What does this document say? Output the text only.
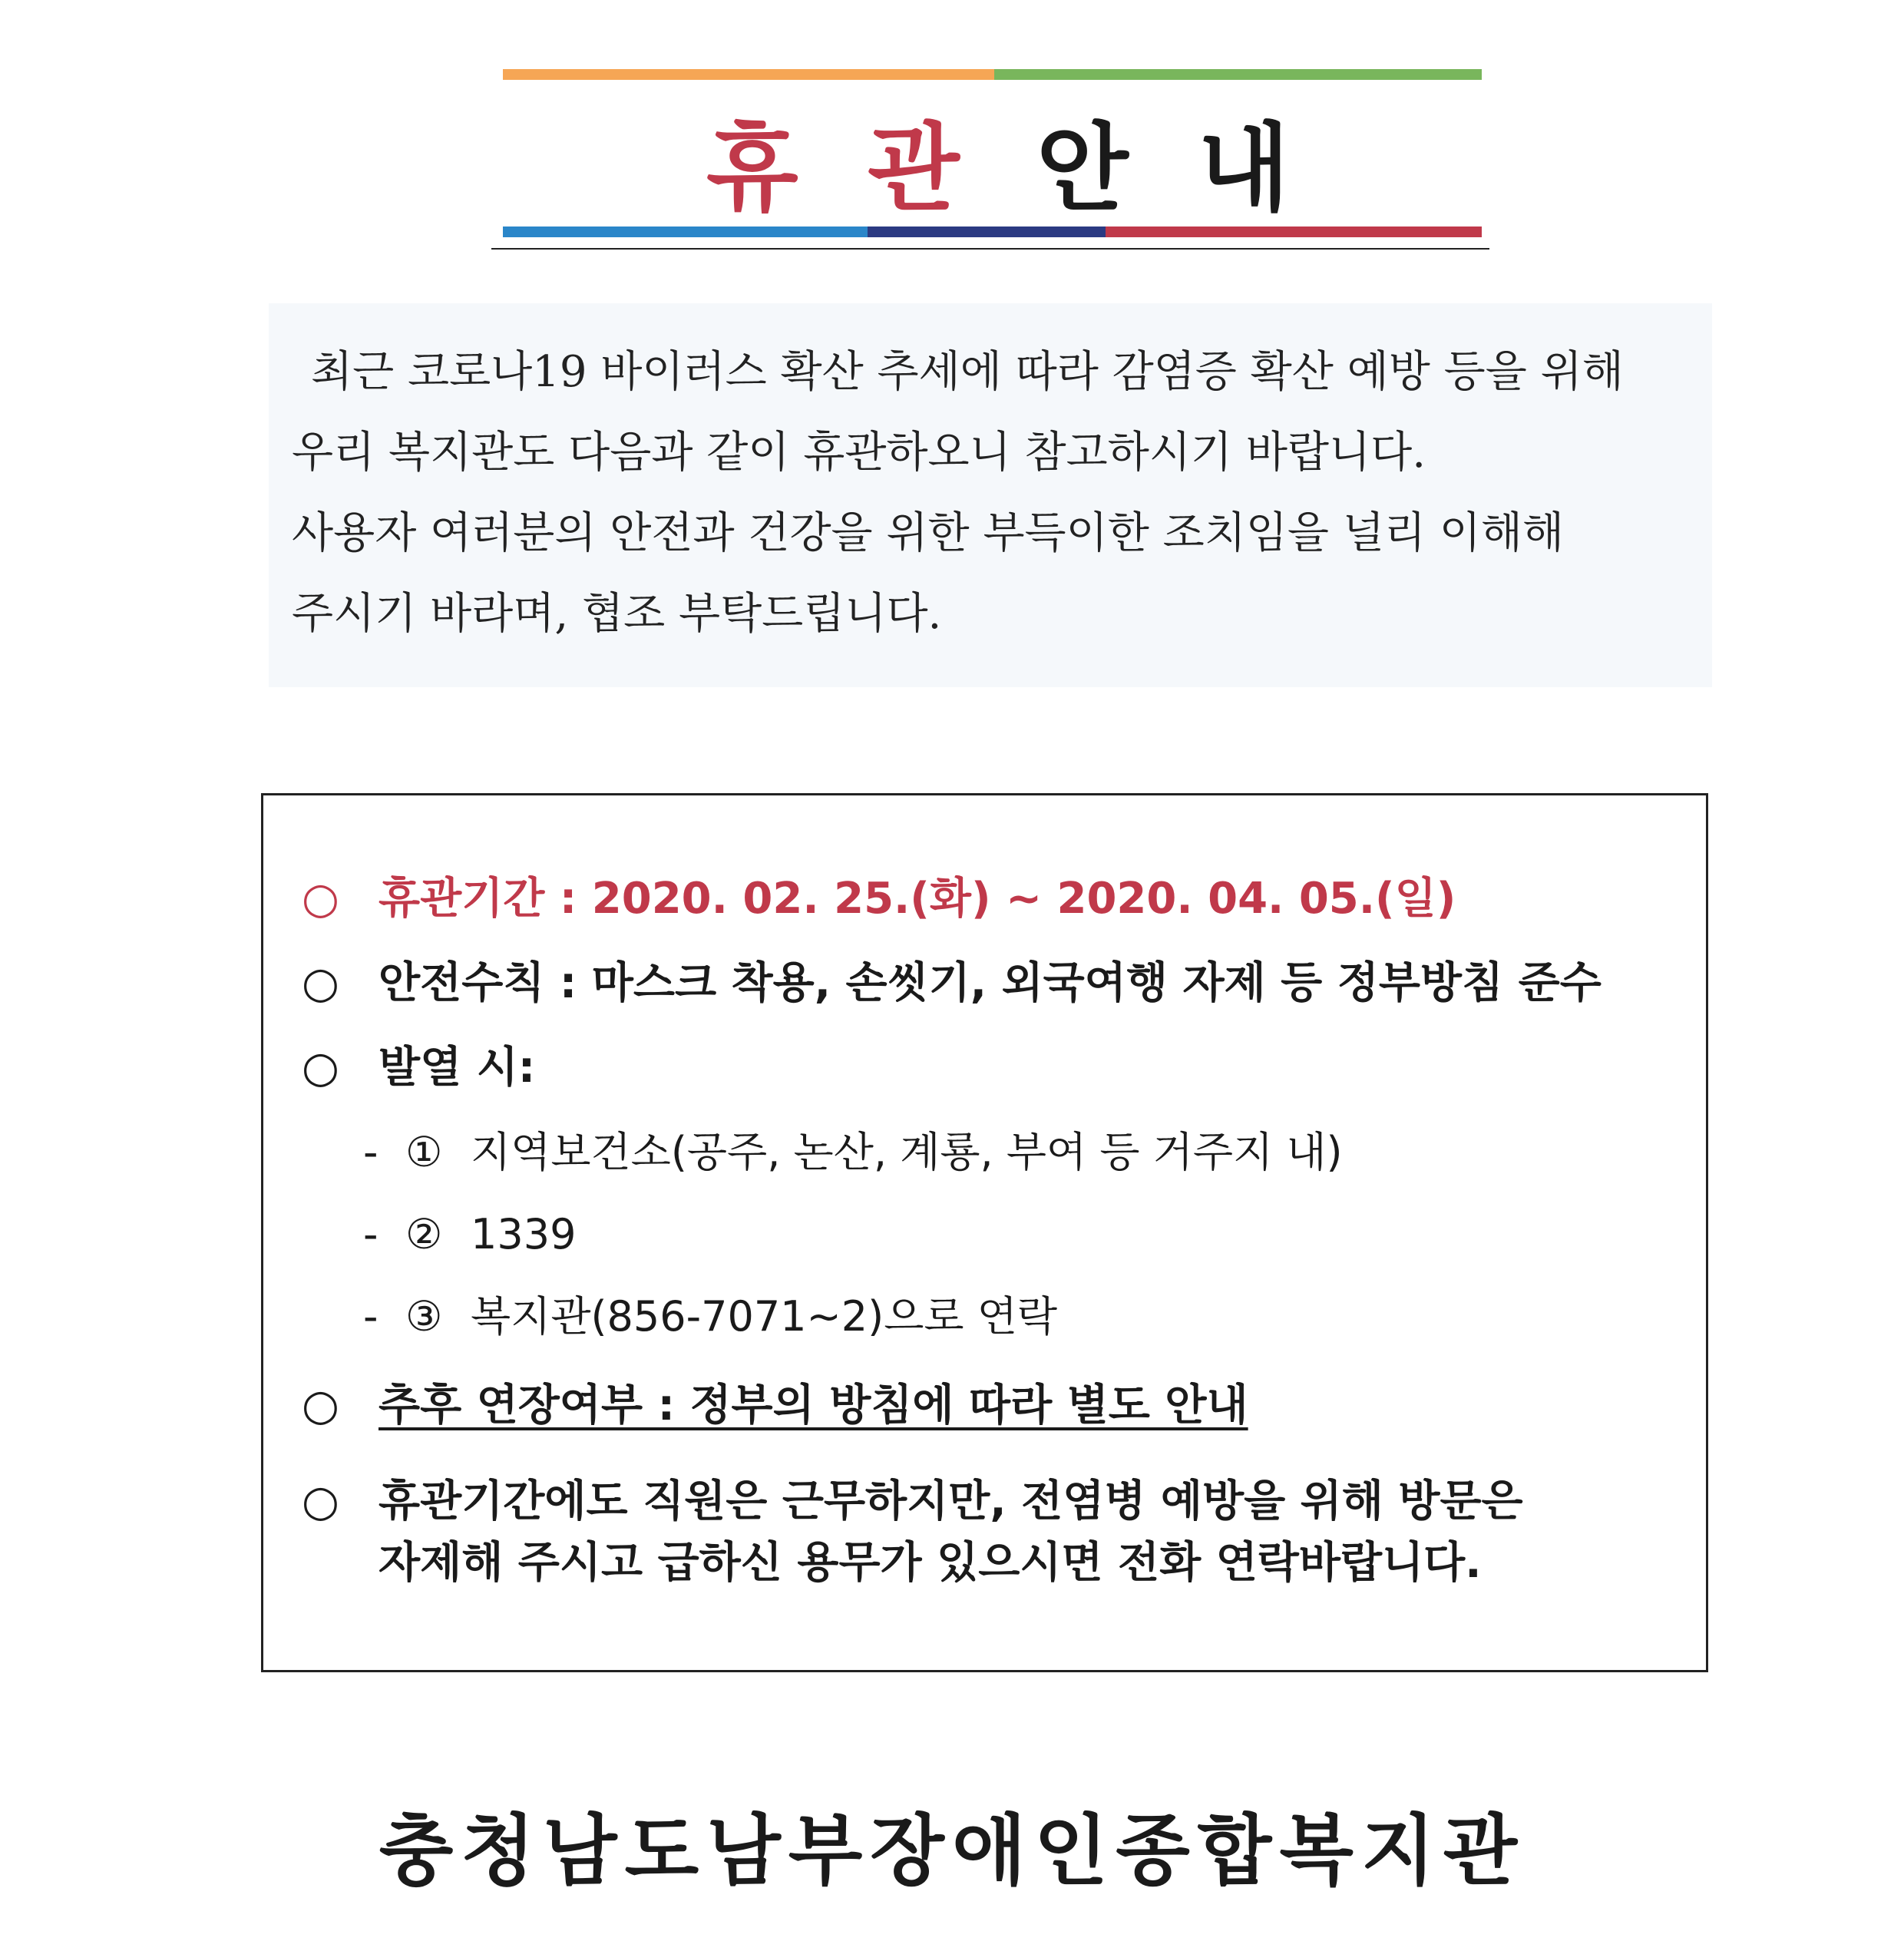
휴 관 안 내

최근 코로나19 바이러스 확산 추세에 따라 감염증 확산 예방 등을 위해

우리 복지관도 다음과 같이 휴관하오니 참고하시기 바랍니다.

사용자 여러분의 안전과 건강을 위한 부득이한 조치임을 널리 이해해

주시기 바라며, 협조 부탁드립니다.

○ 휴관기간 : 2020. 02. 25.(화) ~ 2020. 04. 05.(일)
○ 안전수칙 : 마스크 착용, 손씻기, 외국여행 자제 등 정부방침 준수
○ 발열 시:
- ① 지역보건소(공주, 논산, 계룡, 부여 등 거주지 내)
- ② 1339
- ③ 복지관(856-7071~2)으로 연락
○ 추후 연장여부 : 정부의 방침에 따라 별도 안내
○ 휴관기간에도 직원은 근무하지만, 전염병 예방을 위해 방문은
자제해 주시고 급하신 용무가 있으시면 전화 연락바랍니다.
충청남도남부장애인종합복지관
